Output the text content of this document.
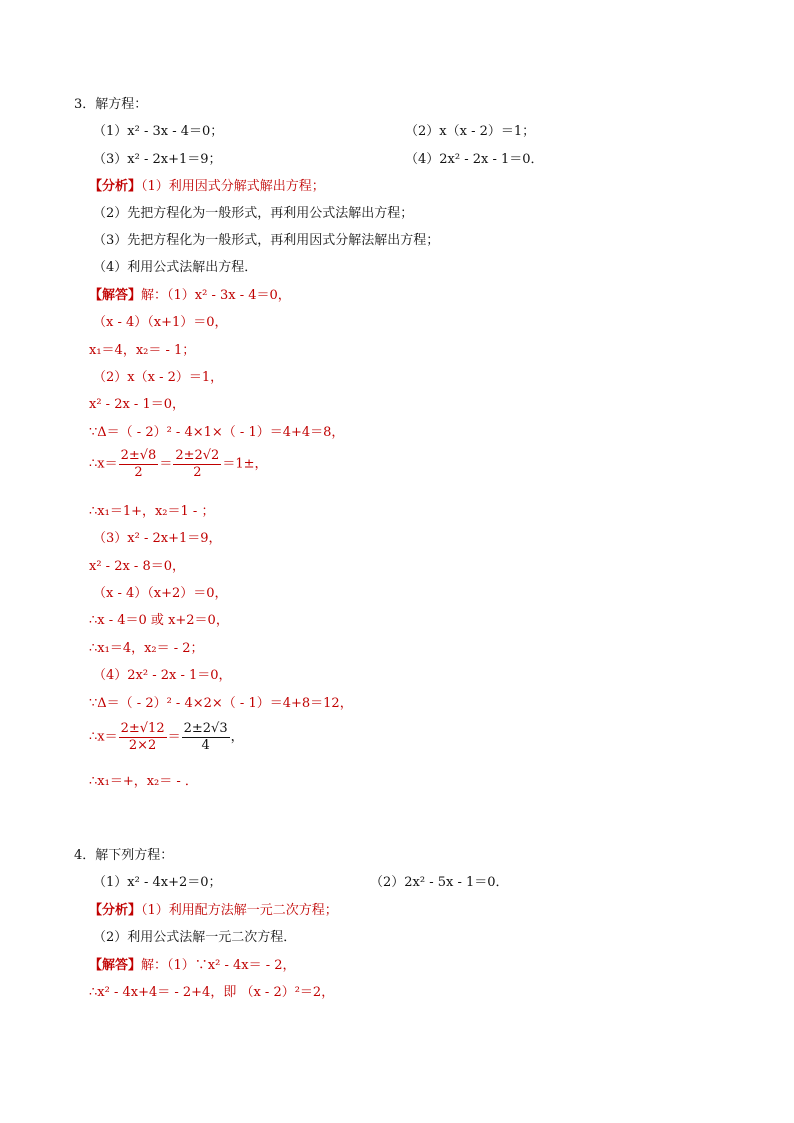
3．解方程：
（1）x² - 3x - 4＝0；	（2）x（x - 2）＝1；
（3）x² - 2x+1＝9；	（4）2x² - 2x - 1＝0．
【分析】（1）利用因式分解式解出方程；
（2）先把方程化为一般形式，再利用公式法解出方程；
（3）先把方程化为一般形式，再利用因式分解法解出方程；
（4）利用公式法解出方程．
【解答】解：（1）x² - 3x - 4＝0，
（x - 4）（x+1）＝0，
x₁＝4，x₂＝ - 1；
（2）x（x - 2）＝1，
x² - 2x - 1＝0，
∵Δ＝（ - 2）² - 4×1×（ - 1）＝4+4＝8，
∴x＝ $\frac{2\pm√8}{2} = \frac{2\pm 2√2}{2} =1\pm$，
∴x₁＝1+，x₂＝1 - ；
（3）x² - 2x+1＝9，
x² - 2x - 8＝0，
（x - 4）（x+2）＝0，
∴x - 4＝0 或 x+2＝0，
∴x₁＝4，x₂＝ - 2；
（4）2x² - 2x - 1＝0，
∵Δ＝（ - 2）² - 4×2×（ - 1）＝4+8＝12，
∴x＝ $\frac{2\pm√12}{2\times 2} = \frac{2\pm 2√3}{4}$ ，
∴x₁＝+，x₂＝ - ．
4．解下列方程：
（1）x² - 4x+2＝0；	（2）2x² - 5x - 1＝0．
【分析】（1）利用配方法解一元二次方程；
（2）利用公式法解一元二次方程．
【解答】解：（1）∵x² - 4x＝ - 2，
∴x² - 4x+4＝ - 2+4，即 （x - 2）²＝2，
